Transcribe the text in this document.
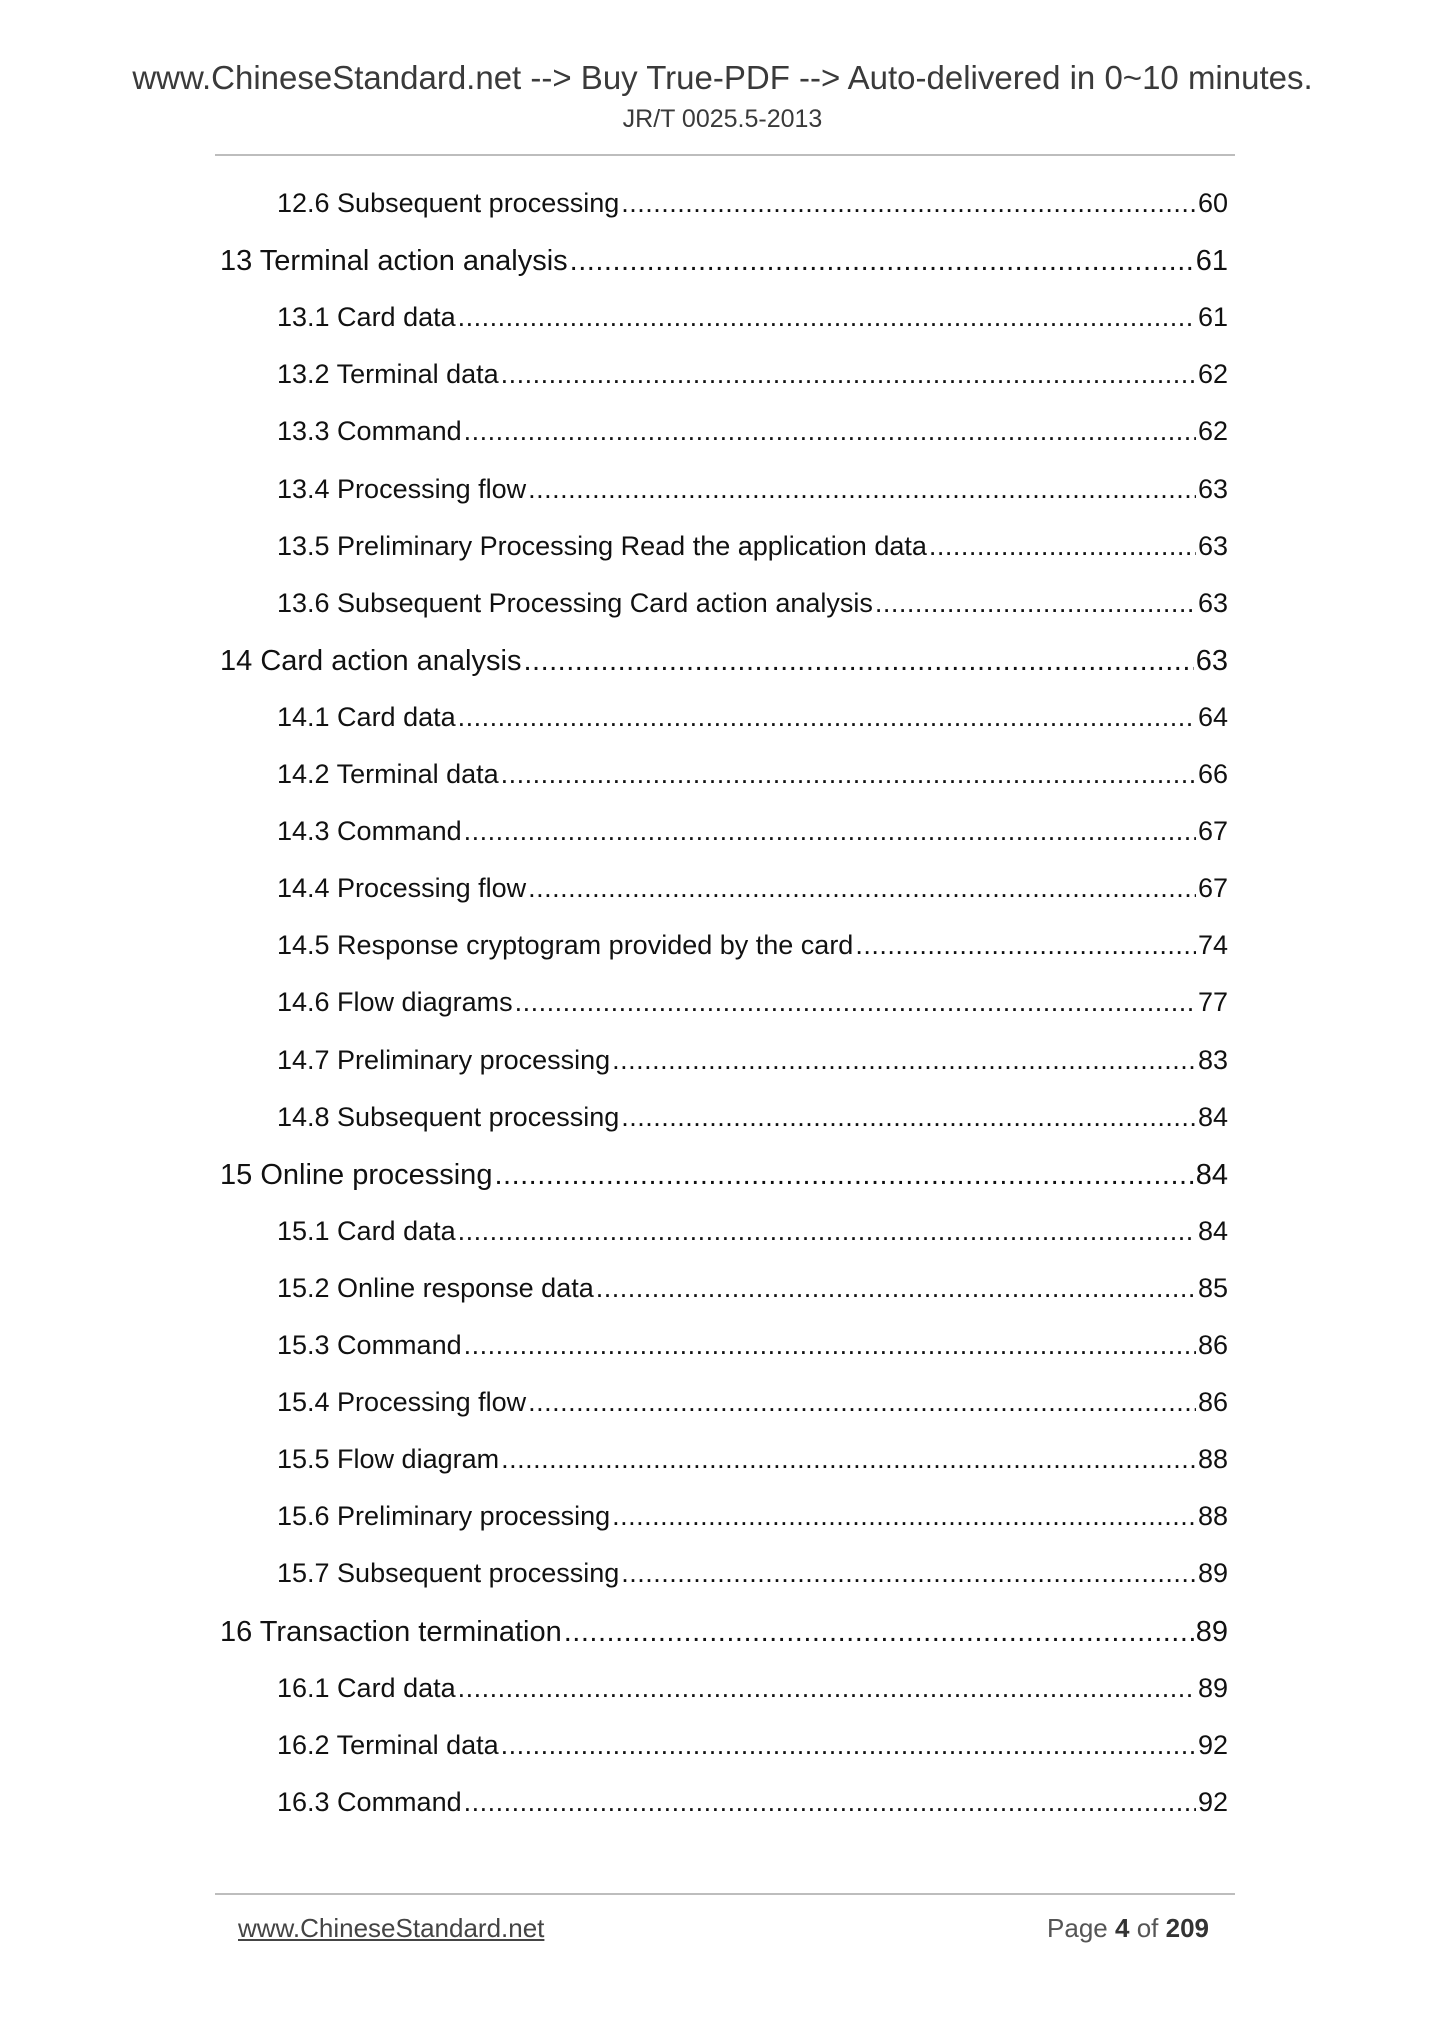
www.ChineseStandard.net --> Buy True-PDF --> Auto-delivered in 0~10 minutes.
JR/T 0025.5-2013
12.6 Subsequent processing .....	60
13 Terminal action analysis .....	61
13.1 Card data .....	61
13.2 Terminal data .....	62
13.3 Command .....	62
13.4 Processing flow .....	63
13.5 Preliminary Processing Read the application data .....	63
13.6 Subsequent Processing Card action analysis .....	63
14 Card action analysis .....	63
14.1 Card data .....	64
14.2 Terminal data .....	66
14.3 Command .....	67
14.4 Processing flow .....	67
14.5 Response cryptogram provided by the card .....	74
14.6 Flow diagrams .....	77
14.7 Preliminary processing .....	83
14.8 Subsequent processing .....	84
15 Online processing .....	84
15.1 Card data .....	84
15.2 Online response data .....	85
15.3 Command .....	86
15.4 Processing flow .....	86
15.5 Flow diagram .....	88
15.6 Preliminary processing .....	88
15.7 Subsequent processing .....	89
16 Transaction termination .....	89
16.1 Card data .....	89
16.2 Terminal data .....	92
16.3 Command .....	92
www.ChineseStandard.net	Page 4 of 209
